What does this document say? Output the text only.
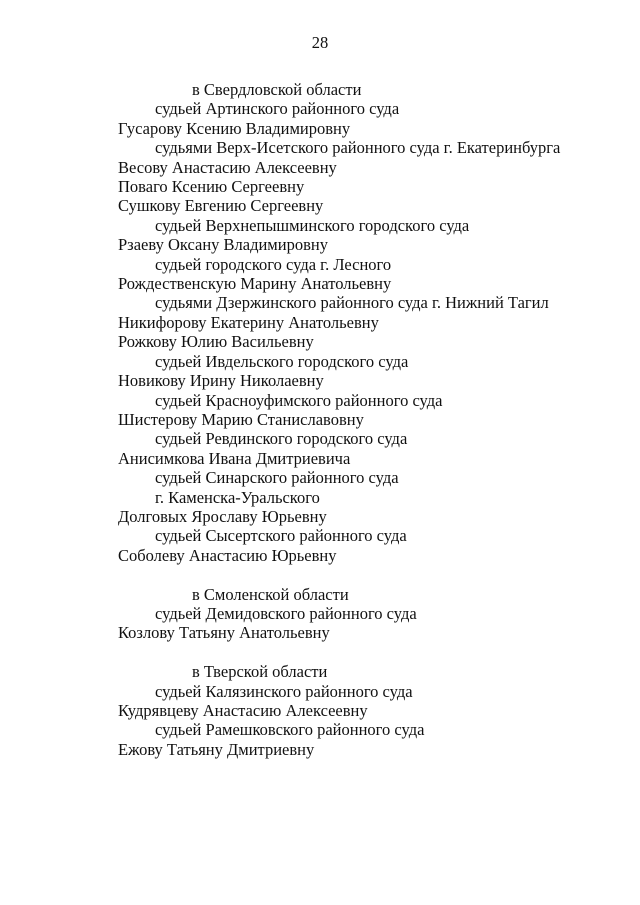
28
в Свердловской области
судьей Артинского районного суда
Гусарову Ксению Владимировну
судьями Верх-Исетского районного суда г. Екатеринбурга
Весову Анастасию Алексеевну
Поваго Ксению Сергеевну
Сушкову Евгению Сергеевну
судьей Верхнепышминского городского суда
Рзаеву Оксану Владимировну
судьей городского суда г. Лесного
Рождественскую Марину Анатольевну
судьями Дзержинского районного суда г. Нижний Тагил
Никифорову Екатерину Анатольевну
Рожкову Юлию Васильевну
судьей Ивдельского городского суда
Новикову Ирину Николаевну
судьей Красноуфимского районного суда
Шистерову Марию Станиславовну
судьей Ревдинского городского суда
Анисимкова Ивана Дмитриевича
судьей Синарского районного суда
г. Каменска-Уральского
Долговых Ярославу Юрьевну
судьей Сысертского районного суда
Соболеву Анастасию Юрьевну
в Смоленской области
судьей Демидовского районного суда
Козлову Татьяну Анатольевну
в Тверской области
судьей Калязинского районного суда
Кудрявцеву Анастасию Алексеевну
судьей Рамешковского районного суда
Ежову Татьяну Дмитриевну
